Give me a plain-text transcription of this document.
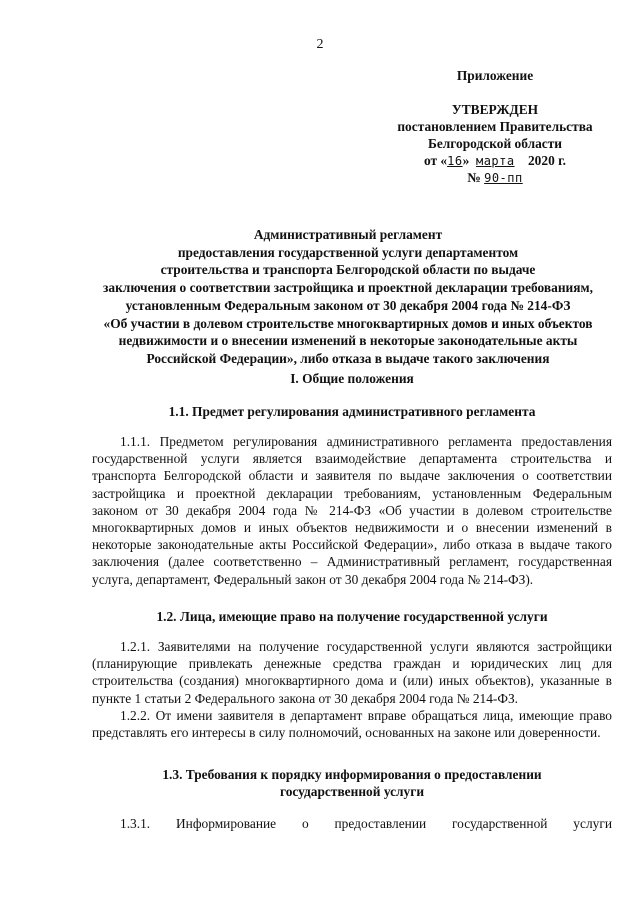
2
Приложение
УТВЕРЖДЕН
постановлением Правительства
Белгородской области
от «16» марта 2020 г.
№ 90-пп
Административный регламент
предоставления государственной услуги департаментом
строительства и транспорта Белгородской области по выдаче
заключения о соответствии застройщика и проектной декларации требованиям,
установленным Федеральным законом от 30 декабря 2004 года № 214-ФЗ
«Об участии в долевом строительстве многоквартирных домов и иных объектов
недвижимости и о внесении изменений в некоторые законодательные акты
Российской Федерации», либо отказа в выдаче такого заключения
I. Общие положения
1.1. Предмет регулирования административного регламента
1.1.1. Предметом регулирования административного регламента предоставления государственной услуги является взаимодействие департамента строительства и транспорта Белгородской области и заявителя по выдаче заключения о соответствии застройщика и проектной декларации требованиям, установленным Федеральным законом от 30 декабря 2004 года № 214-ФЗ «Об участии в долевом строительстве многоквартирных домов и иных объектов недвижимости и о внесении изменений в некоторые законодательные акты Российской Федерации», либо отказа в выдаче такого заключения (далее соответственно – Административный регламент, государственная услуга, департамент, Федеральный закон от 30 декабря 2004 года № 214-ФЗ).
1.2. Лица, имеющие право на получение государственной услуги
1.2.1. Заявителями на получение государственной услуги являются застройщики (планирующие привлекать денежные средства граждан и юридических лиц для строительства (создания) многоквартирного дома и (или) иных объектов), указанные в пункте 1 статьи 2 Федерального закона от 30 декабря 2004 года № 214-ФЗ.
1.2.2. От имени заявителя в департамент вправе обращаться лица, имеющие право представлять его интересы в силу полномочий, основанных на законе или доверенности.
1.3. Требования к порядку информирования о предоставлении
государственной услуги
1.3.1. Информирование о предоставлении государственной услуги
